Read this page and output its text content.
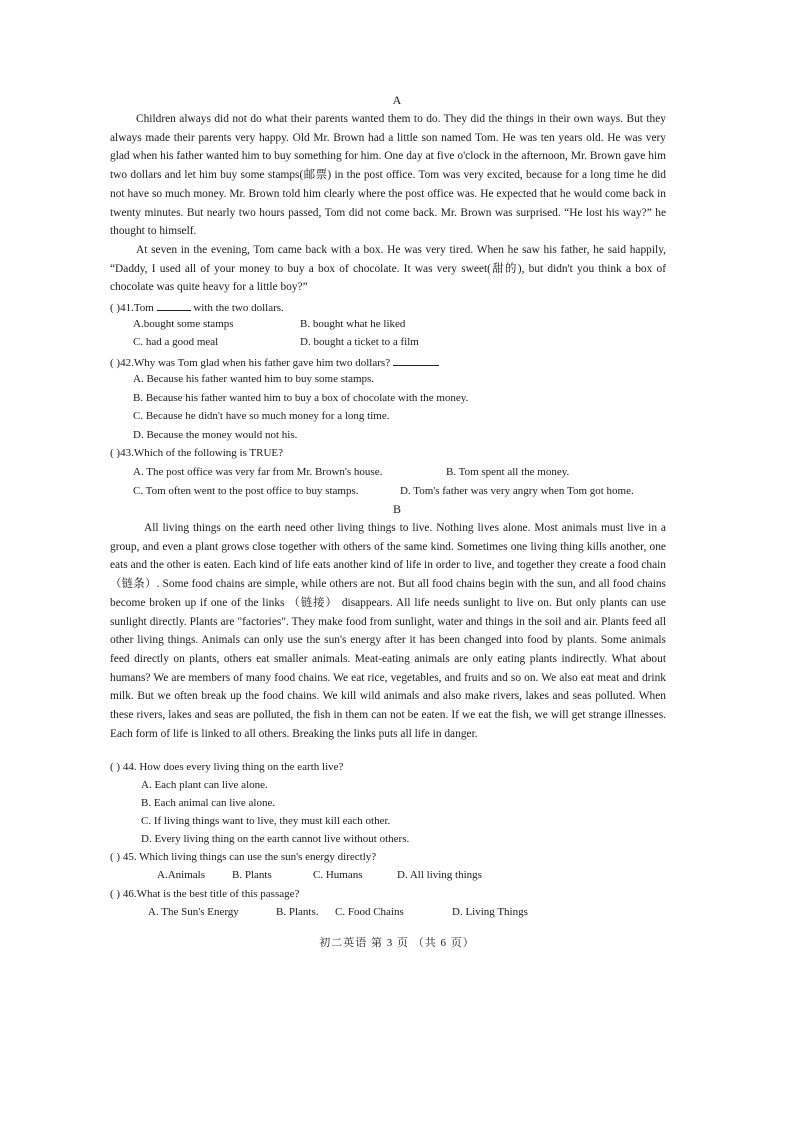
A

Children always did not do what their parents wanted them to do. They did the things in their own ways. But they always made their parents very happy. Old Mr. Brown had a little son named Tom. He was ten years old. He was very glad when his father wanted him to buy something for him. One day at five o'clock in the afternoon, Mr. Brown gave him two dollars and let him buy some stamps(邮票) in the post office. Tom was very excited, because for a long time he did not have so much money. Mr. Brown told him clearly where the post office was. He expected that he would come back in twenty minutes. But nearly two hours passed, Tom did not come back. Mr. Brown was surprised. “He lost his way?” he thought to himself.

At seven in the evening, Tom came back with a box. He was very tired. When he saw his father, he said happily, “Daddy, I used all of your money to buy a box of chocolate. It was very sweet(甜的), but didn't you think a box of chocolate was quite heavy for a little boy?”

( )41.Tom	with the two dollars.
A.bought some stamps	B. bought what he liked
C. had a good meal	D. bought a ticket to a film
( )42.Why was Tom glad when his father gave him two dollars?
A. Because his father wanted him to buy some stamps.
B. Because his father wanted him to buy a box of chocolate with the money.
C. Because he didn't have so much money for a long time.
D. Because the money would not his.
( )43.Which of the following is TRUE?
A. The post office was very far from Mr. Brown's house.	B. Tom spent all the money.
C. Tom often went to the post office to buy stamps.	D. Tom's father was very angry when Tom got home.
B

All living things on the earth need other living things to live. Nothing lives alone. Most animals must live in a group, and even a plant grows close together with others of the same kind. Sometimes one living thing kills another, one eats and the other is eaten. Each kind of life eats another kind of life in order to live, and together they create a food chain （链条）. Some food chains are simple, while others are not. But all food chains begin with the sun, and all food chains become broken up if one of the links （链接） disappears. All life needs sunlight to live on. But only plants can use sunlight directly. Plants are "factories". They make food from sunlight, water and things in the soil and air. Plants feed all other living things. Animals can only use the sun's energy after it has been changed into food by plants. Some animals feed directly on plants, others eat smaller animals. Meat-eating animals are only eating plants indirectly. What about humans? We are members of many food chains. We eat rice, vegetables, and fruits and so on. We also eat meat and drink milk. But we often break up the food chains. We kill wild animals and also make rivers, lakes and seas polluted. When these rivers, lakes and seas are polluted, the fish in them can not be eaten. If we eat the fish, we will get strange illnesses. Each form of life is linked to all others. Breaking the links puts all life in danger.

( ) 44. How does every living thing on the earth live?
A. Each plant can live alone.
B. Each animal can live alone.
C. If living things want to live, they must kill each other.
D. Every living thing on the earth cannot live without others.
( ) 45. Which living things can use the sun's energy directly?
A.Animals B. Plants	C. Humans	D. All living things
( ) 46.What is the best title of this passage?
A. The Sun's Energy	B. Plants. C. Food Chains	D. Living Things
初二英语 第 3 页 （共 6 页）
